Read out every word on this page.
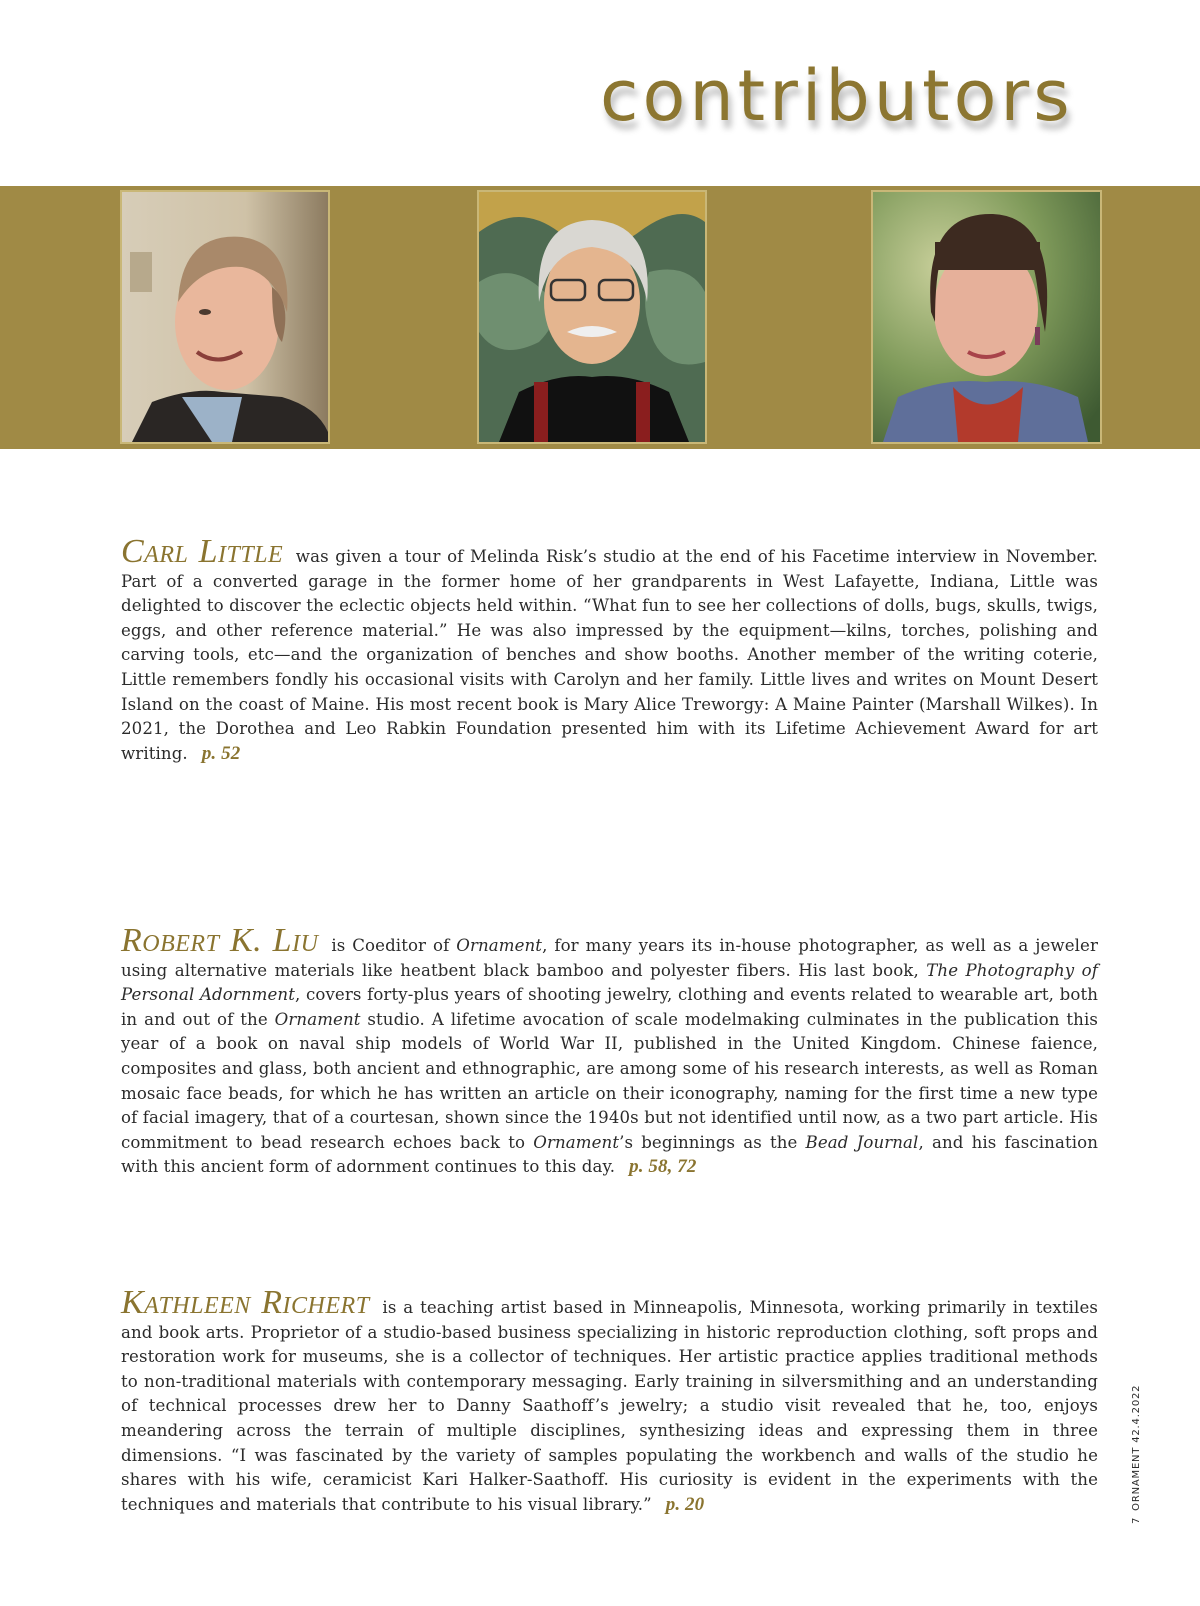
contributors
Carl Little was given a tour of Melinda Risk’s studio at the end of his Facetime interview in November. Part of a converted garage in the former home of her grandparents in West Lafayette, Indiana, Little was delighted to discover the eclectic objects held within. “What fun to see her collections of dolls, bugs, skulls, twigs, eggs, and other reference material.” He was also impressed by the equipment—kilns, torches, polishing and carving tools, etc—and the organization of benches and show booths. Another member of the writing coterie, Little remembers fondly his occasional visits with Carolyn and her family. Little lives and writes on Mount Desert Island on the coast of Maine. His most recent book is Mary Alice Treworgy: A Maine Painter (Marshall Wilkes). In 2021, the Dorothea and Leo Rabkin Foundation presented him with its Lifetime Achievement Award for art writing. p. 52
Robert K. Liu is Coeditor of Ornament, for many years its in-house photographer, as well as a jeweler using alternative materials like heatbent black bamboo and polyester fibers. His last book, The Photography of Personal Adornment, covers forty-plus years of shooting jewelry, clothing and events related to wearable art, both in and out of the Ornament studio. A lifetime avocation of scale modelmaking culminates in the publication this year of a book on naval ship models of World War II, published in the United Kingdom. Chinese faience, composites and glass, both ancient and ethnographic, are among some of his research interests, as well as Roman mosaic face beads, for which he has written an article on their iconography, naming for the first time a new type of facial imagery, that of a courtesan, shown since the 1940s but not identified until now, as a two part article. His commitment to bead research echoes back to Ornament’s beginnings as the Bead Journal, and his fascination with this ancient form of adornment continues to this day. p. 58, 72
Kathleen Richert is a teaching artist based in Minneapolis, Minnesota, working primarily in textiles and book arts. Proprietor of a studio-based business specializing in historic reproduction clothing, soft props and restoration work for museums, she is a collector of techniques. Her artistic practice applies traditional methods to non-traditional materials with contemporary messaging. Early training in silversmithing and an understanding of technical processes drew her to Danny Saathoff’s jewelry; a studio visit revealed that he, too, enjoys meandering across the terrain of multiple disciplines, synthesizing ideas and expressing them in three dimensions. “I was fascinated by the variety of samples populating the workbench and walls of the studio he shares with his wife, ceramicist Kari Halker-Saathoff. His curiosity is evident in the experiments with the techniques and materials that contribute to his visual library.” p. 20
7ORNAMENT 42.4.2022
